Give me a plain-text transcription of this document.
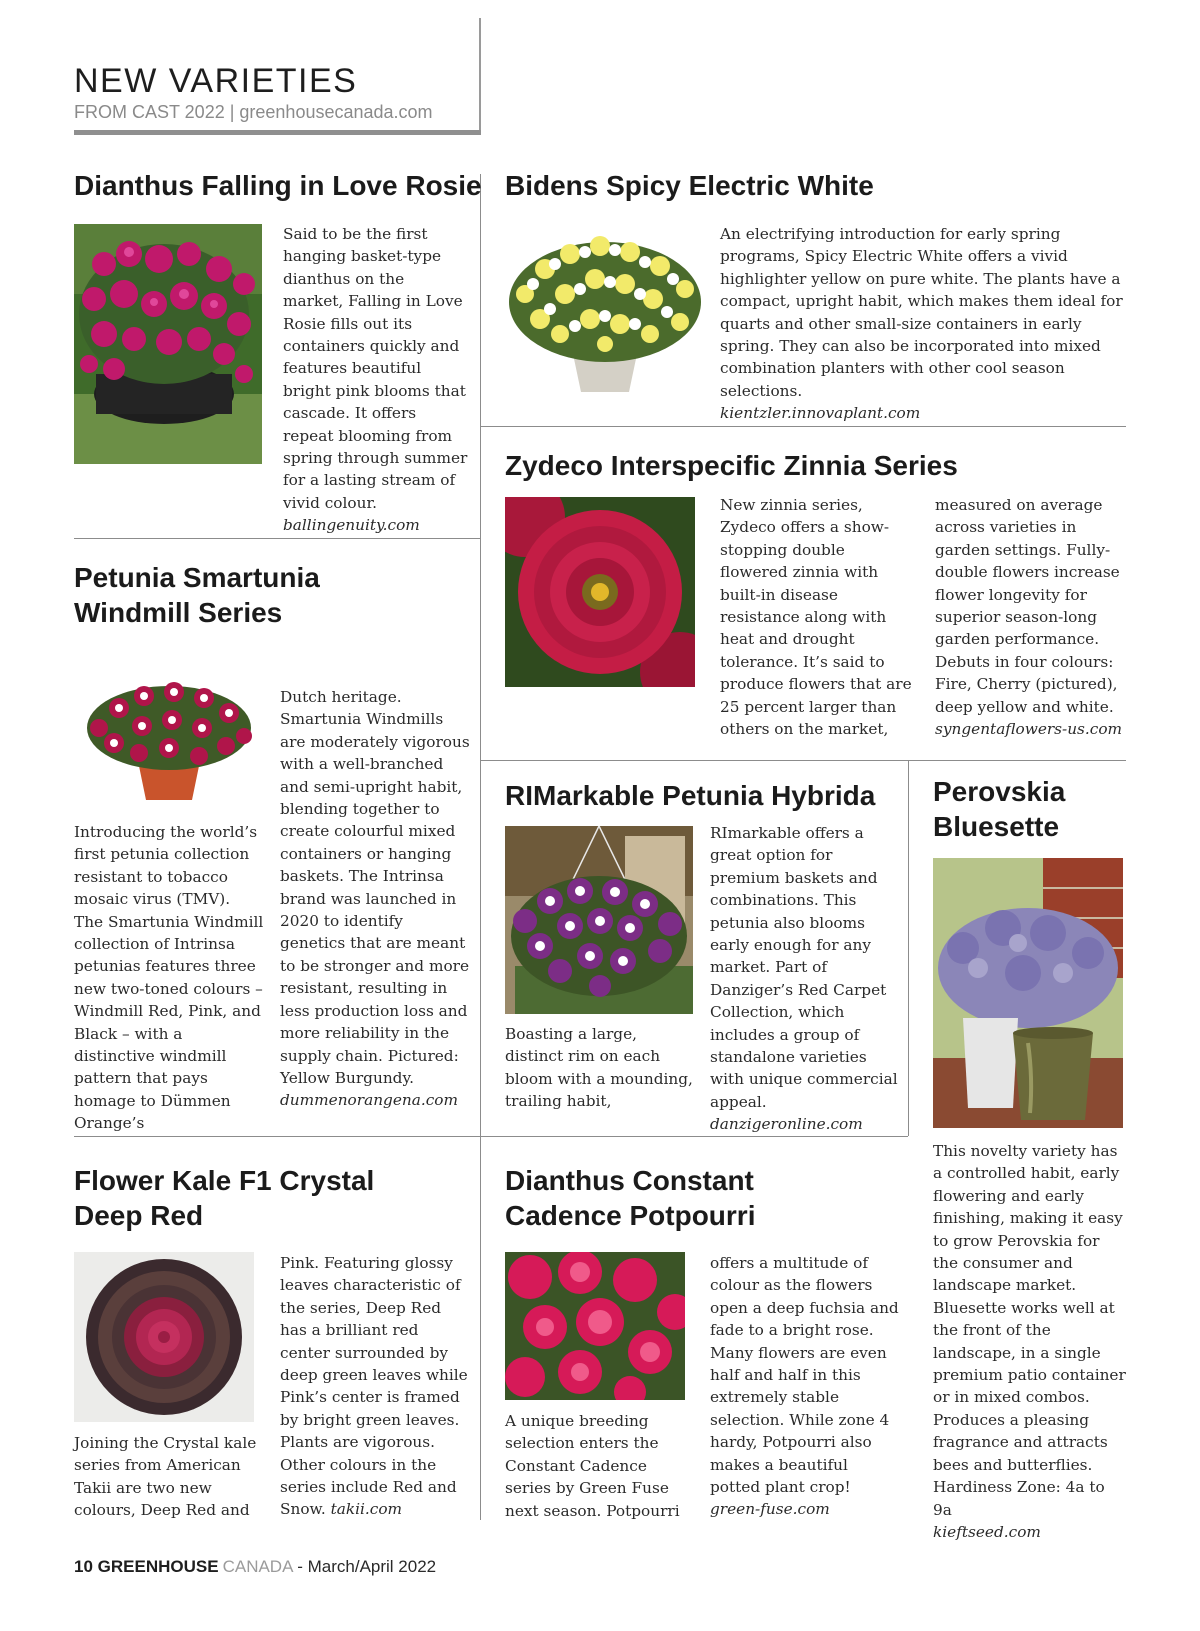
NEW VARIETIES
FROM CAST 2022 | greenhousecanada.com
Dianthus Falling in Love Rosie

Said to be the first hanging basket-type dianthus on the market, Falling in Love Rosie fills out its containers quickly and features beautiful bright pink blooms that cascade. It offers repeat blooming from spring through summer for a lasting stream of vivid colour. ballingenuity.com

Bidens Spicy Electric White

An electrifying introduction for early spring programs, Spicy Electric White offers a vivid highlighter yellow on pure white. The plants have a compact, upright habit, which makes them ideal for quarts and other small-size containers in early spring. They can also be incorporated into mixed combination planters with other cool season selections.
kientzler.innovaplant.com

Zydeco Interspecific Zinnia Series

New zinnia series, Zydeco offers a show-stopping double flowered zinnia with built-in disease resistance along with heat and drought tolerance. It’s said to produce flowers that are 25 percent larger than others on the market,

measured on average across varieties in garden settings. Fully-double flowers increase flower longevity for superior season-long garden performance. Debuts in four colours: Fire, Cherry (pictured), deep yellow and white.
syngentaflowers-us.com

Petunia Smartunia
Windmill Series

Introducing the world’s first petunia collection resistant to tobacco mosaic virus (TMV). The Smartunia Windmill collection of Intrinsa petunias features three new two-toned colours – Windmill Red, Pink, and Black – with a distinctive windmill pattern that pays homage to Dümmen Orange’s

Dutch heritage. Smartunia Windmills are moderately vigorous with a well-branched and semi-upright habit, blending together to create colourful mixed containers or hanging baskets. The Intrinsa brand was launched in 2020 to identify genetics that are meant to be stronger and more resistant, resulting in less production loss and more reliability in the supply chain. Pictured: Yellow Burgundy.
dummenorangena.com

RIMarkable Petunia Hybrida

Boasting a large, distinct rim on each bloom with a mounding, trailing habit,

RImarkable offers a great option for premium baskets and combinations. This petunia also blooms early enough for any market. Part of Danziger’s Red Carpet Collection, which includes a group of standalone varieties with unique commercial appeal.
danzigeronline.com

Perovskia
Bluesette

This novelty variety has a controlled habit, early flowering and early finishing, making it easy to grow Perovskia for the consumer and landscape market. Bluesette works well at the front of the landscape, in a single premium patio container or in mixed combos. Produces a pleasing fragrance and attracts bees and butterflies. Hardiness Zone: 4a to 9a
kieftseed.com

Flower Kale F1 Crystal
Deep Red

Joining the Crystal kale series from American Takii are two new colours, Deep Red and

Pink. Featuring glossy leaves characteristic of the series, Deep Red has a brilliant red center surrounded by deep green leaves while Pink’s center is framed by bright green leaves. Plants are vigorous. Other colours in the series include Red and Snow. takii.com

Dianthus Constant
Cadence Potpourri

A unique breeding selection enters the Constant Cadence series by Green Fuse next season. Potpourri

offers a multitude of colour as the flowers open a deep fuchsia and fade to a bright rose. Many flowers are even half and half in this extremely stable selection. While zone 4 hardy, Potpourri also makes a beautiful potted plant crop!
green-fuse.com

10 GREENHOUSE CANADA - March/April 2022
